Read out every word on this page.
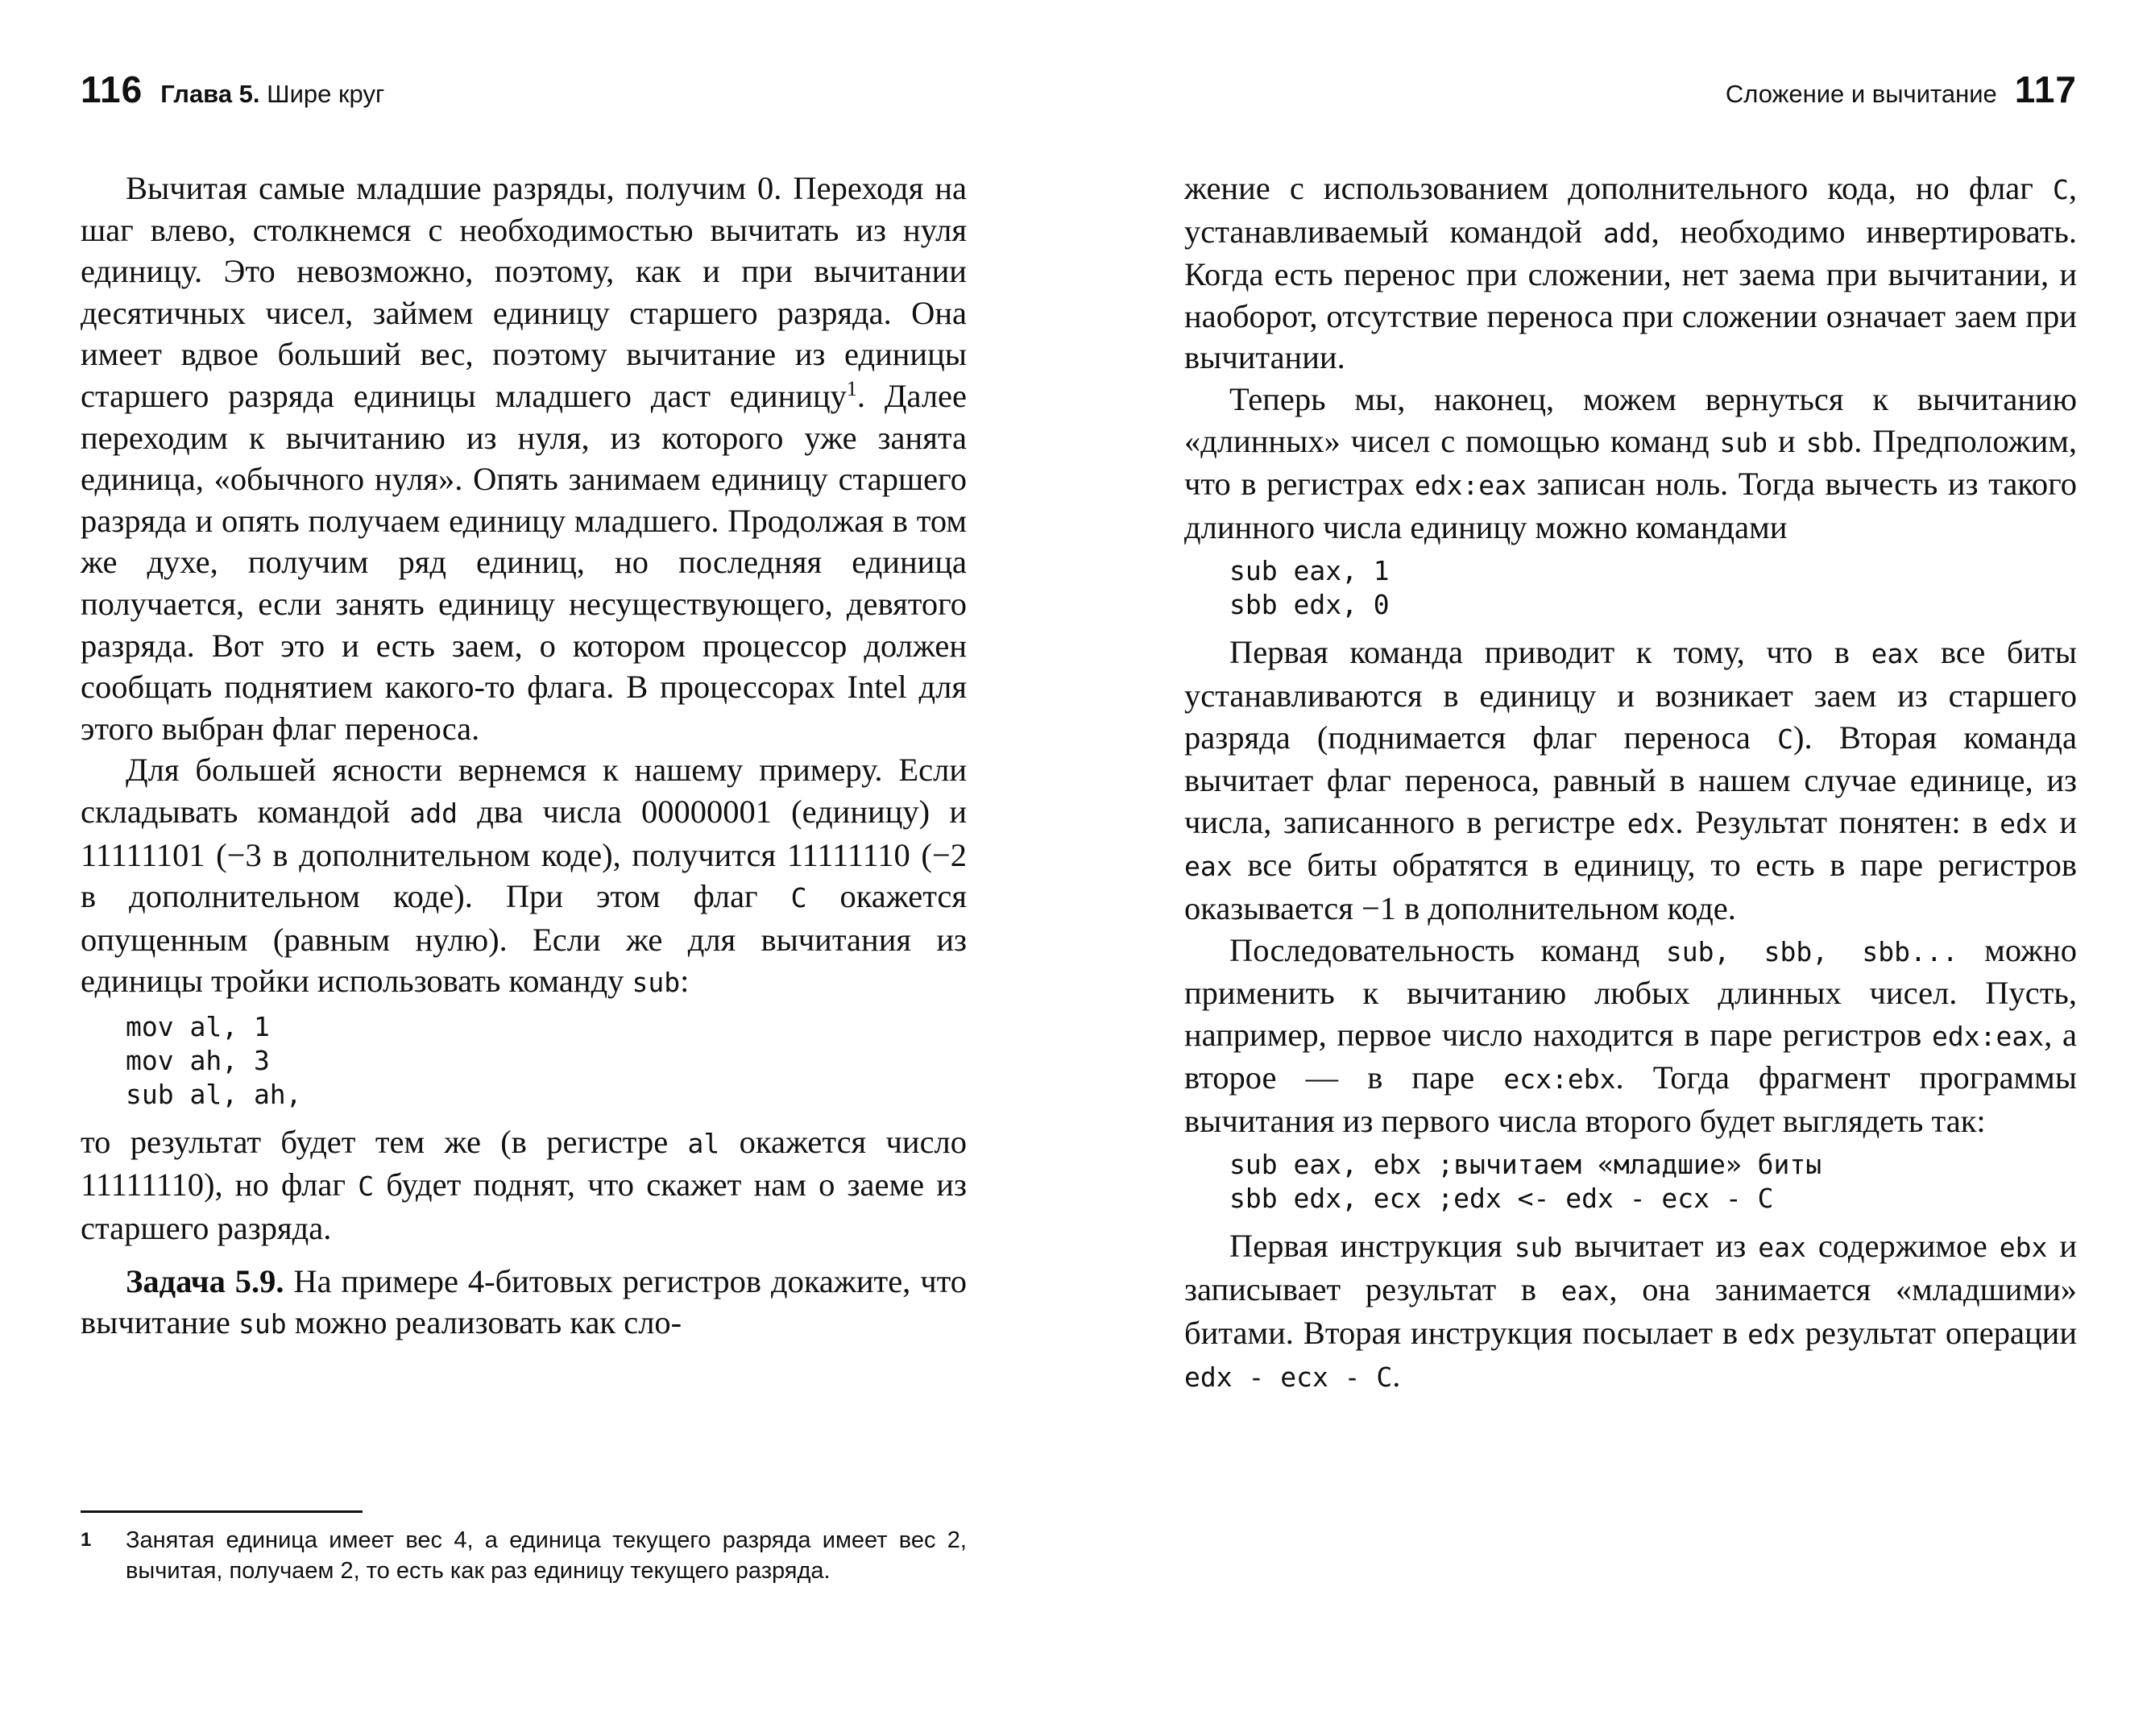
116 Глава 5. Шире круг

Вычитая самые младшие разряды, получим 0. Переходя на шаг влево, столкнемся с необходимостью вычитать из нуля единицу. Это невозможно, поэтому, как и при вычитании десятичных чисел, займем единицу старшего разряда. Она имеет вдвое больший вес, поэтому вычитание из единицы старшего разряда единицы младшего даст единицу$^1$. Далее переходим к вычитанию из нуля, из которого уже занята единица, «обычного нуля». Опять занимаем единицу старшего разряда и опять получаем единицу младшего. Продолжая в том же духе, получим ряд единиц, но последняя единица получается, если занять единицу несуществующего, девятого разряда. Вот это и есть заем, о котором процессор должен сообщать поднятием какого-то флага. В процессорах Intel для этого выбран флаг переноса.

Для большей ясности вернемся к нашему примеру. Если складывать командой add два числа 00000001 (единицу) и 11111101 (−3 в дополнительном коде), получится 11111110 (−2 в дополнительном коде). При этом флаг C окажется опущенным (равным нулю). Если же для вычитания из единицы тройки использовать команду sub:

mov al, 1
mov ah, 3
sub al, ah,

то результат будет тем же (в регистре al окажется число 11111110), но флаг C будет поднят, что скажет нам о заеме из старшего разряда.

Задача 5.9. На примере 4-битовых регистров докажите, что вычитание sub можно реализовать как сло-

1 Занятая единица имеет вес 4, а единица текущего разряда имеет вес 2, вычитая, получаем 2, то есть как раз единицу текущего разряда.
Сложение и вычитание 117

жение с использованием дополнительного кода, но флаг C, устанавливаемый командой add, необходимо инвертировать. Когда есть перенос при сложении, нет заема при вычитании, и наоборот, отсутствие переноса при сложении означает заем при вычитании.

Теперь мы, наконец, можем вернуться к вычитанию «длинных» чисел с помощью команд sub и sbb. Предположим, что в регистрах edx:eax записан ноль. Тогда вычесть из такого длинного числа единицу можно командами

sub eax, 1
sbb edx, 0

Первая команда приводит к тому, что в eax все биты устанавливаются в единицу и возникает заем из старшего разряда (поднимается флаг переноса C). Вторая команда вычитает флаг переноса, равный в нашем случае единице, из числа, записанного в регистре edx. Результат понятен: в edx и eax все биты обратятся в единицу, то есть в паре регистров оказывается −1 в дополнительном коде.

Последовательность команд sub, sbb, sbb... можно применить к вычитанию любых длинных чисел. Пусть, например, первое число находится в паре регистров edx:eax, а второе — в паре ecx:ebx. Тогда фрагмент программы вычитания из первого числа второго будет выглядеть так:

sub eax, ebx ;вычитаем «младшие» биты
sbb edx, ecx ;edx <- edx - ecx - C

Первая инструкция sub вычитает из eax содержимое ebx и записывает результат в eax, она занимается «младшими» битами. Вторая инструкция посылает в edx результат операции edx - ecx - C.
